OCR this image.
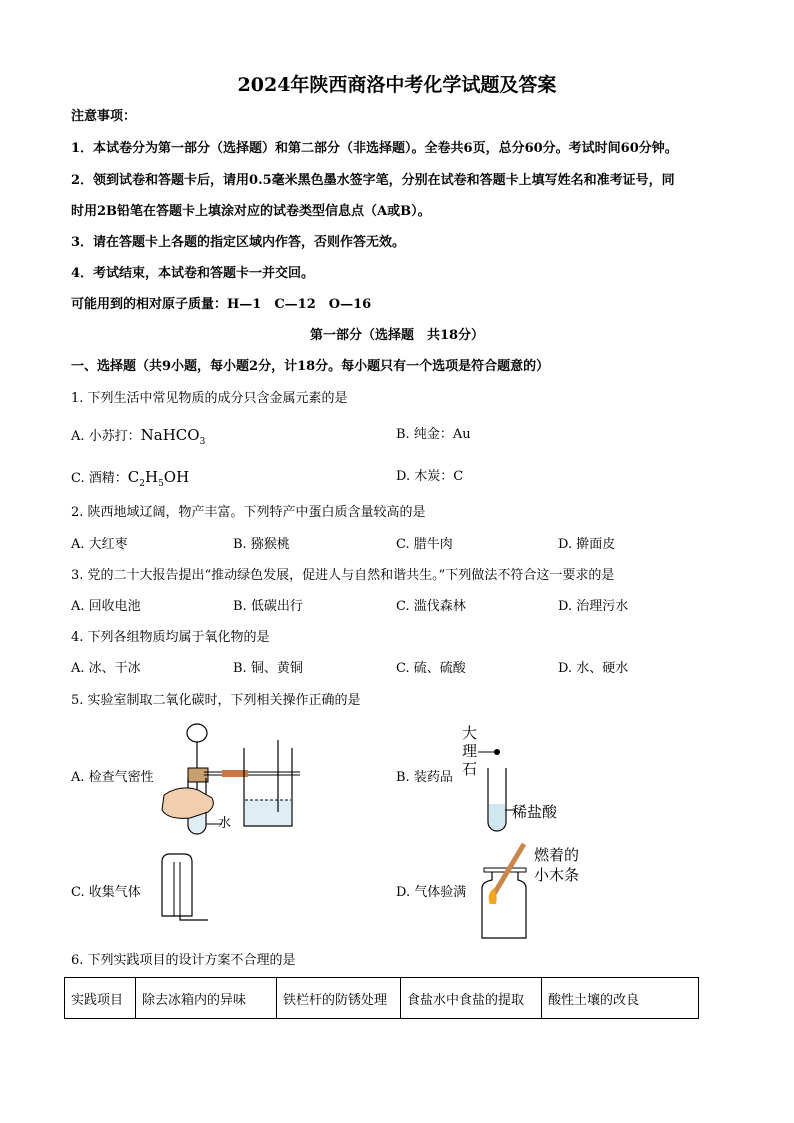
2024年陕西商洛中考化学试题及答案
注意事项：
1．本试卷分为第一部分（选择题）和第二部分（非选择题）。全卷共6页，总分60分。考试时间60分钟。
2．领到试卷和答题卡后，请用0.5毫米黑色墨水签字笔，分别在试卷和答题卡上填写姓名和准考证号，同
时用2B铅笔在答题卡上填涂对应的试卷类型信息点（A或B）。
3．请在答题卡上各题的指定区域内作答，否则作答无效。
4．考试结束，本试卷和答题卡一并交回。
可能用到的相对原子质量：H—1　C—12　O—16
第一部分（选择题　共18分）
一、选择题（共9小题，每小题2分，计18分。每小题只有一个选项是符合题意的）
1. 下列生活中常见物质的成分只含金属元素的是
A. 小苏打：NaHCO$_3$	B. 纯金：Au
C. 酒精：$C_2H_5OH$	D. 木炭：C
2. 陕西地域辽阔，物产丰富。下列特产中蛋白质含量较高的是
A. 大红枣	B. 猕猴桃	C. 腊牛肉	D. 擀面皮
3. 党的二十大报告提出“推动绿色发展，促进人与自然和谐共生。”下列做法不符合这一要求的是
A. 回收电池	B. 低碳出行	C. 滥伐森林	D. 治理污水
4. 下列各组物质均属于氧化物的是
A. 冰、干冰	B. 铜、黄铜	C. 硫、硫酸	D. 水、硬水
5. 实验室制取二氧化碳时，下列相关操作正确的是
A. 检查气密性	B. 装药品
C. 收集气体	D. 气体验满
水
大
理
石
稀盐酸
燃着的
小木条
6. 下列实践项目的设计方案不合理的是
实践项目	除去冰箱内的异味	铁栏杆的防锈处理	食盐水中食盐的提取	酸性土壤的改良
